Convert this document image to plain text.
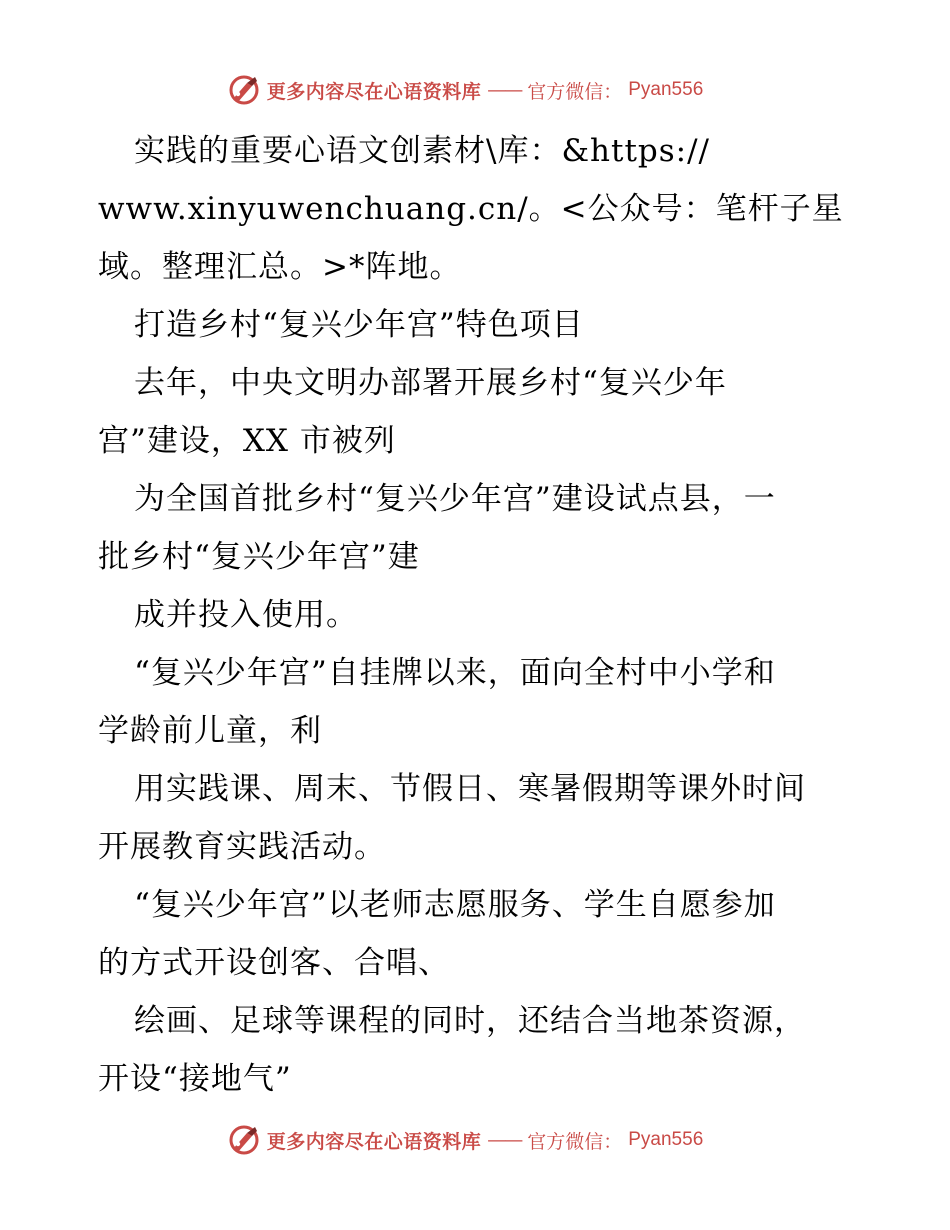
更多内容尽在心语资料库 —— 官方微信： Pyan556
实践的重要心语文创素材\库：&https://
www.xinyuwenchuang.cn/。<公众号：笔杆子星
域。整理汇总。>*阵地。
打造乡村“复兴少年宫”特色项目
去年，中央文明办部署开展乡村“复兴少年
宫”建设，XX 市被列
为全国首批乡村“复兴少年宫”建设试点县，一
批乡村“复兴少年宫”建
成并投入使用。
“复兴少年宫”自挂牌以来，面向全村中小学和
学龄前儿童，利
用实践课、周末、节假日、寒暑假期等课外时间
开展教育实践活动。
“复兴少年宫”以老师志愿服务、学生自愿参加
的方式开设创客、合唱、
绘画、足球等课程的同时，还结合当地茶资源，
开设“接地气”
更多内容尽在心语资料库 —— 官方微信： Pyan556
